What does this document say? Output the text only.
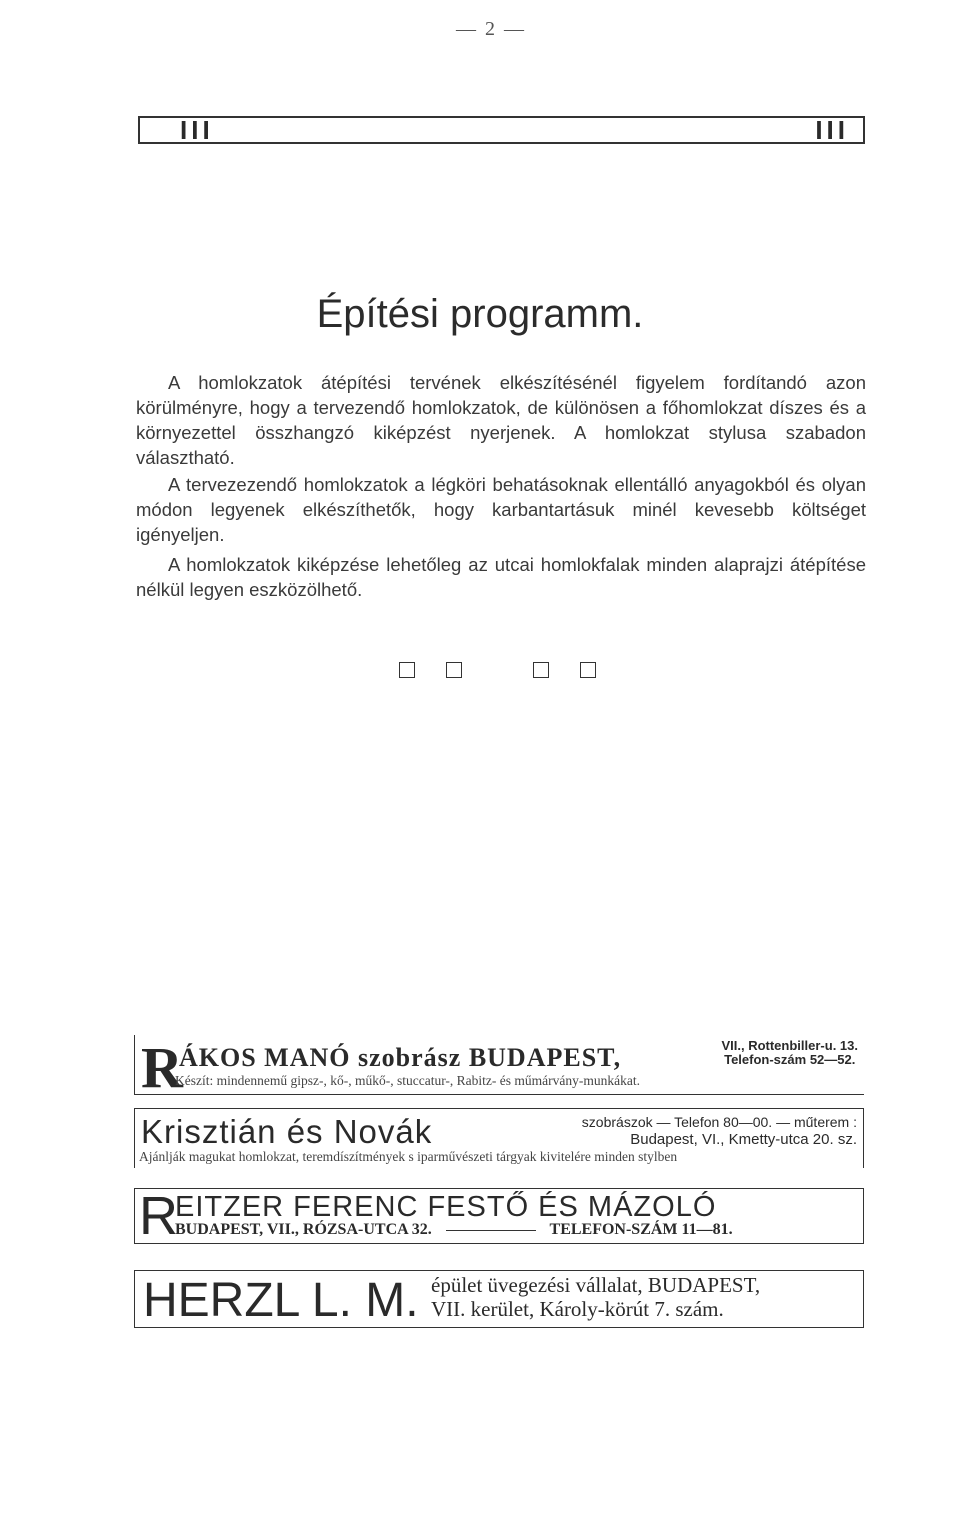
— 2 —
III	III
Építési programm.
A homlokzatok átépítési tervének elkészítésénél figyelem fordítandó azon körülményre, hogy a tervezendő homlokzatok, de különösen a főhomlokzat díszes és a környezettel összhangzó kiképzést nyerjenek. A homlokzat stylusa szabadon választható.
A tervezezendő homlokzatok a légköri behatásoknak ellentálló anyagokból és olyan módon legyenek elkészíthetők, hogy karbantartásuk minél kevesebb költséget igényeljen.
A homlokzatok kiképzése lehetőleg az utcai homlokfalak minden alaprajzi átépítése nélkül legyen eszközölhető.
R
ÁKOS MANÓ szobrász BUDAPEST,	VII., Rottenbiller-u. 13.
Telefon-szám 52—52.
Készít: mindennemű gipsz-, kő-, műkő-, stuccatur-, Rabitz- és műmárvány-munkákat.
Krisztián és Novák	szobrászok — Telefon 80—00. — műterem :
Budapest, VI., Kmetty-utca 20. sz.
Ajánlják magukat homlokzat, teremdíszítmények s iparművészeti tárgyak kivitelére minden stylben
R
EITZER FERENC FESTŐ ÉS MÁZOLÓ
BUDAPEST, VII., RÓZSA-UTCA 32.	TELEFON-SZÁM 11—81.
HERZL L. M. épület üvegezési vállalat, BUDAPEST,
VII. kerület, Károly-körút 7. szám.
